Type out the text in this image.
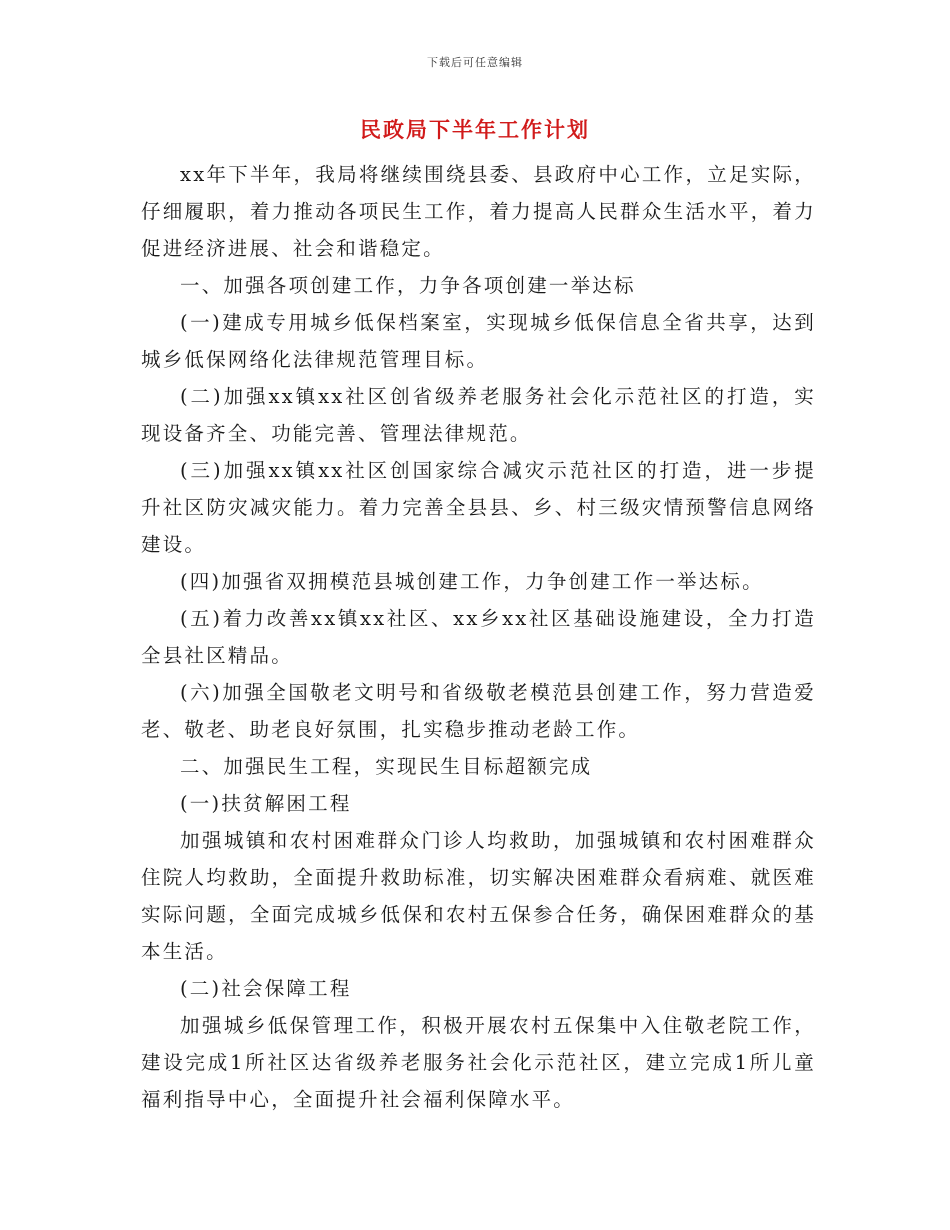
下载后可任意编辑
民政局下半年工作计划

xx年下半年，我局将继续围绕县委、县政府中心工作，立足实际，仔细履职，着力推动各项民生工作，着力提高人民群众生活水平，着力促进经济进展、社会和谐稳定。

一、加强各项创建工作，力争各项创建一举达标

(一)建成专用城乡低保档案室，实现城乡低保信息全省共享，达到城乡低保网络化法律规范管理目标。

(二)加强xx镇xx社区创省级养老服务社会化示范社区的打造，实现设备齐全、功能完善、管理法律规范。

(三)加强xx镇xx社区创国家综合减灾示范社区的打造，进一步提升社区防灾减灾能力。着力完善全县县、乡、村三级灾情预警信息网络建设。

(四)加强省双拥模范县城创建工作，力争创建工作一举达标。

(五)着力改善xx镇xx社区、xx乡xx社区基础设施建设，全力打造全县社区精品。

(六)加强全国敬老文明号和省级敬老模范县创建工作，努力营造爱老、敬老、助老良好氛围，扎实稳步推动老龄工作。

二、加强民生工程，实现民生目标超额完成

(一)扶贫解困工程

加强城镇和农村困难群众门诊人均救助，加强城镇和农村困难群众住院人均救助，全面提升救助标准，切实解决困难群众看病难、就医难实际问题，全面完成城乡低保和农村五保参合任务，确保困难群众的基本生活。

(二)社会保障工程

加强城乡低保管理工作，积极开展农村五保集中入住敬老院工作，建设完成1所社区达省级养老服务社会化示范社区，建立完成1所儿童福利指导中心，全面提升社会福利保障水平。
